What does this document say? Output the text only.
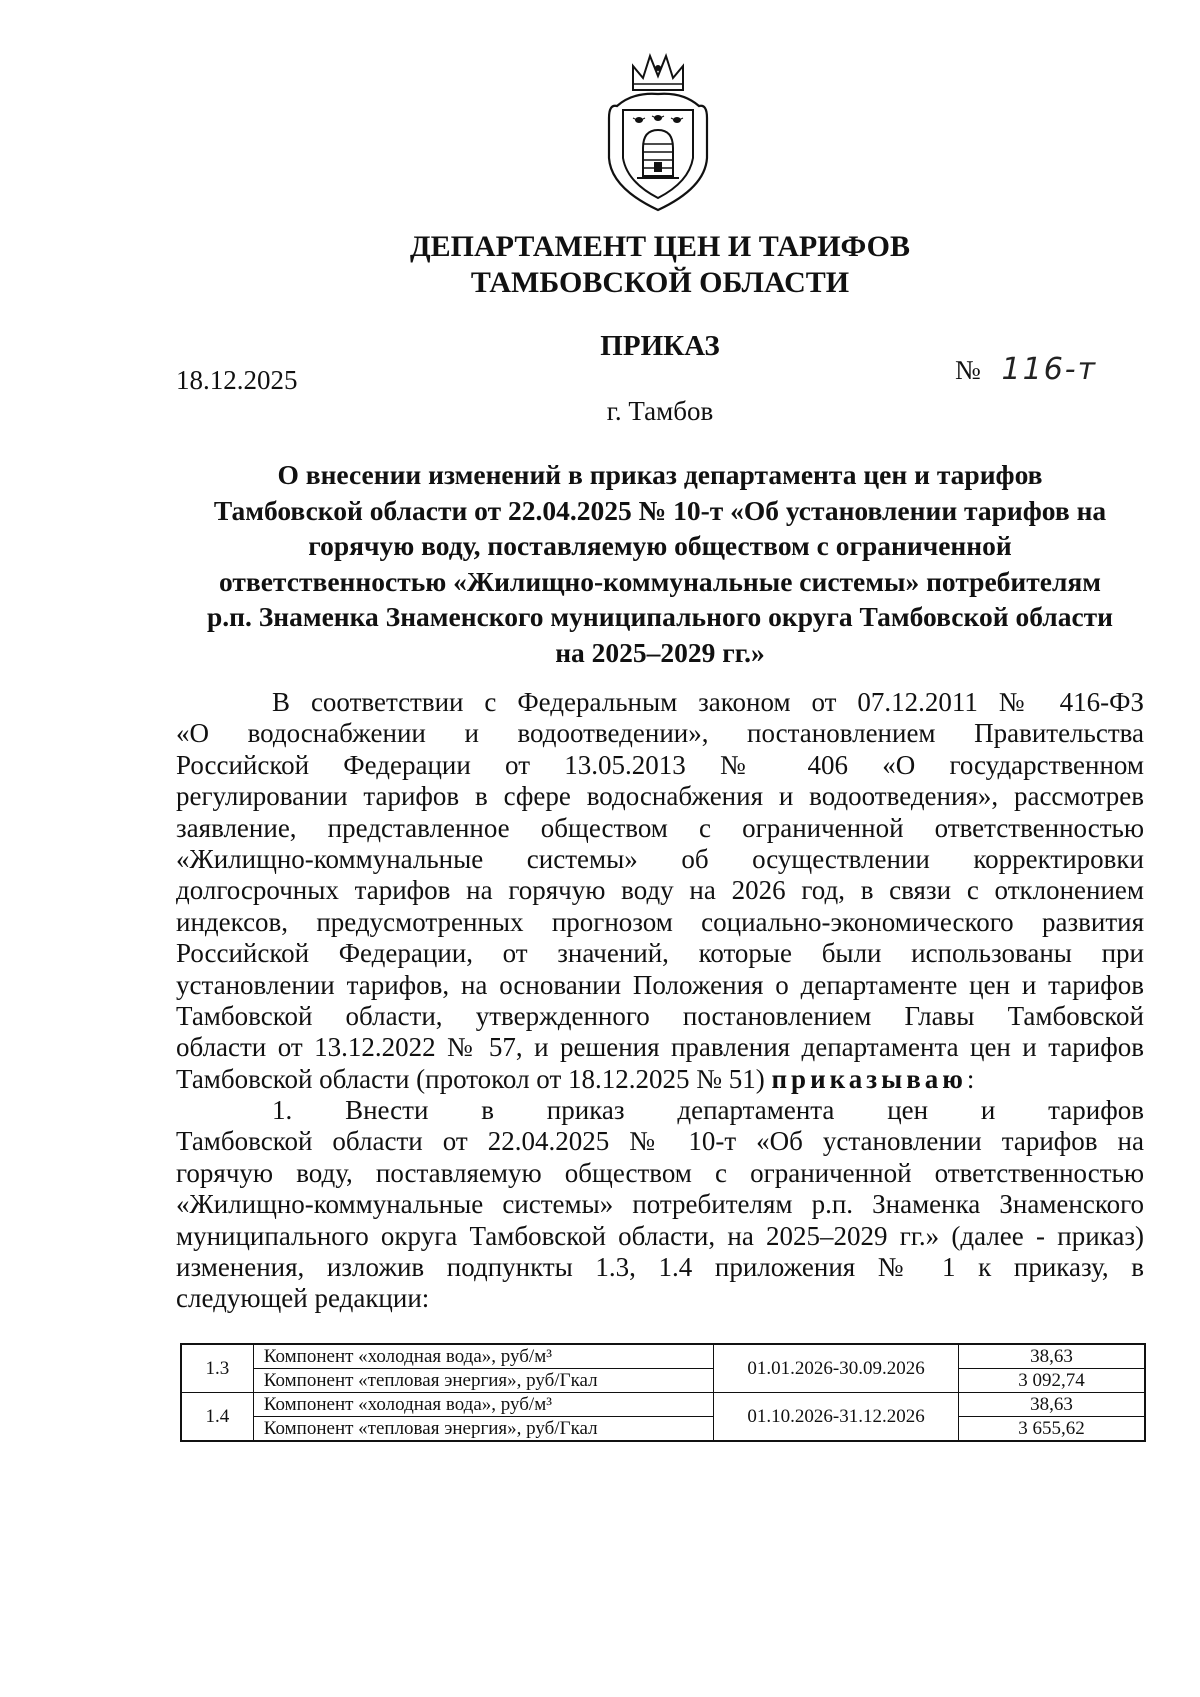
ДЕПАРТАМЕНТ ЦЕН И ТАРИФОВ
ТАМБОВСКОЙ ОБЛАСТИ
ПРИКАЗ
18.12.2025	№ 116-т
г. Тамбов
О внесении изменений в приказ департамента цен и тарифов
Тамбовской области от 22.04.2025 № 10-т «Об установлении тарифов на
горячую воду, поставляемую обществом с ограниченной
ответственностью «Жилищно-коммунальные системы» потребителям
р.п. Знаменка Знаменского муниципального округа Тамбовской области
на 2025–2029 гг.»
В соответствии с Федеральным законом от 07.12.2011 № 416-ФЗ
«О водоснабжении и водоотведении», постановлением Правительства
Российской Федерации от 13.05.2013 № 406 «О государственном
регулировании тарифов в сфере водоснабжения и водоотведения», рассмотрев
заявление, представленное обществом с ограниченной ответственностью
«Жилищно-коммунальные системы» об осуществлении корректировки
долгосрочных тарифов на горячую воду на 2026 год, в связи с отклонением
индексов, предусмотренных прогнозом социально-экономического развития
Российской Федерации, от значений, которые были использованы при
установлении тарифов, на основании Положения о департаменте цен и тарифов
Тамбовской области, утвержденного постановлением Главы Тамбовской
области от 13.12.2022 № 57, и решения правления департамента цен и тарифов
Тамбовской области (протокол от 18.12.2025 № 51) приказываю:
1. Внести в приказ департамента цен и тарифов
Тамбовской области от 22.04.2025 № 10-т «Об установлении тарифов на
горячую воду, поставляемую обществом с ограниченной ответственностью
«Жилищно-коммунальные системы» потребителям р.п. Знаменка Знаменского
муниципального округа Тамбовской области, на 2025–2029 гг.» (далее - приказ)
изменения, изложив подпункты 1.3, 1.4 приложения № 1 к приказу, в
следующей редакции:
1.3	Компонент «холодная вода», руб/м³	01.01.2026-30.09.2026	38,63
	Компонент «тепловая энергия», руб/Гкал		3 092,74
1.4	Компонент «холодная вода», руб/м³	01.10.2026-31.12.2026	38,63
	Компонент «тепловая энергия», руб/Гкал		3 655,62
